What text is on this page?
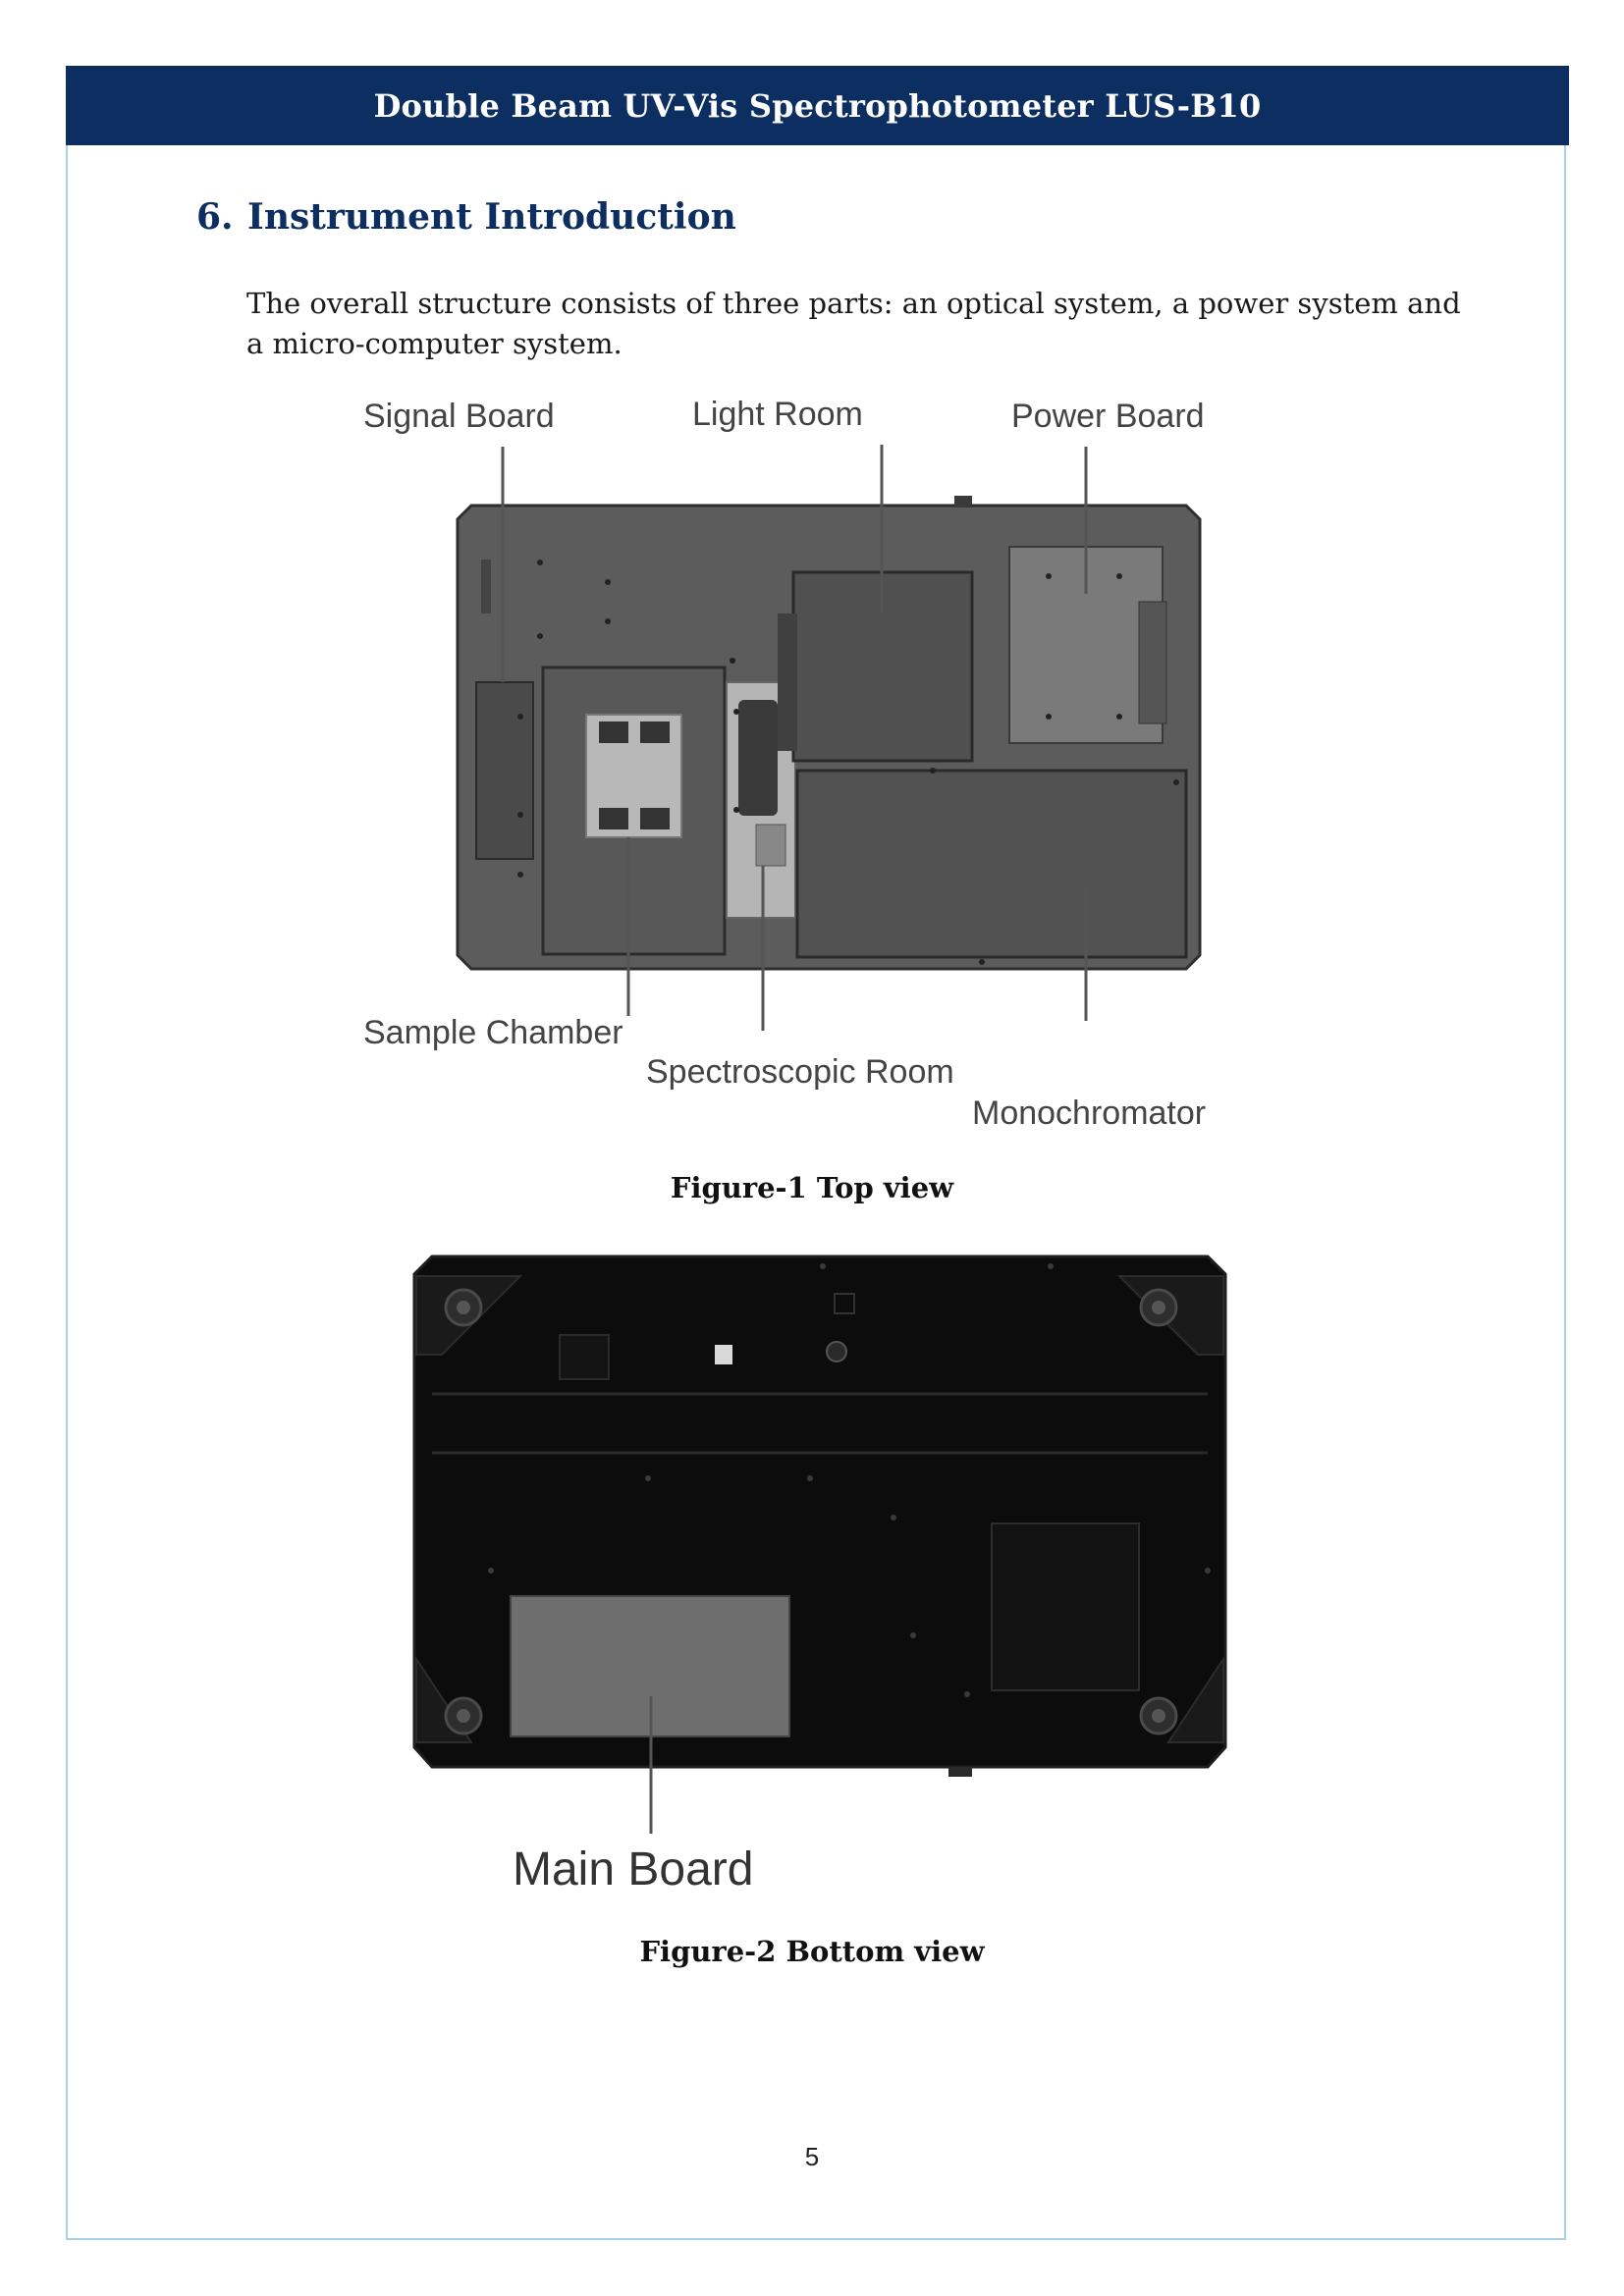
Double Beam UV-Vis Spectrophotometer LUS-B10
6. Instrument Introduction
The overall structure consists of three parts: an optical system, a power system and a micro-computer system.
Signal Board	Light Room	Power Board
Sample Chamber
Spectroscopic Room
Monochromator
Figure-1 Top view
Main Board
Figure-2 Bottom view
5
